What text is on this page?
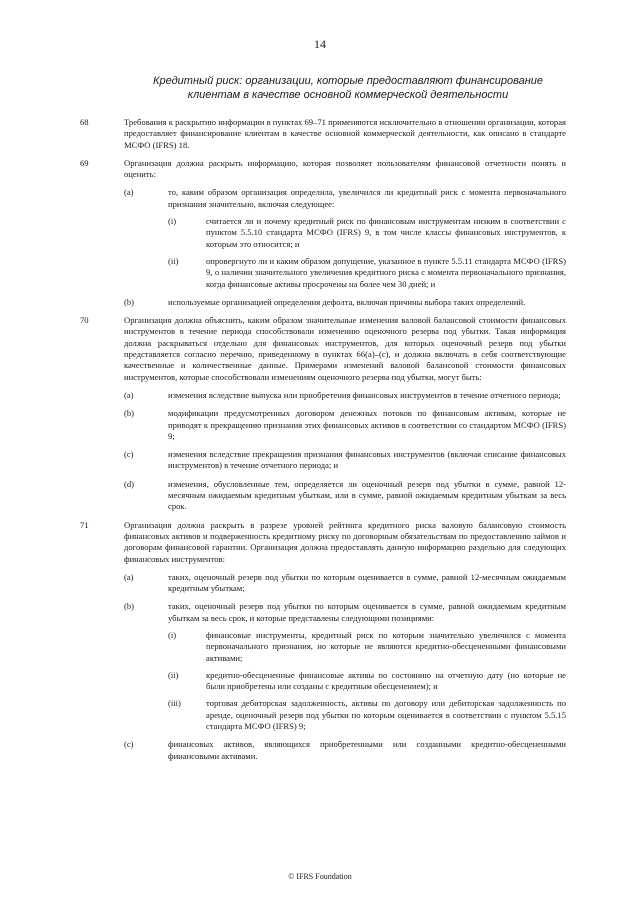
14
Кредитный риск: организации, которые предоставляют финансирование клиентам в качестве основной коммерческой деятельности
68	Требования к раскрытию информации в пунктах 69–71 применяются исключительно в отношении организации, которая предоставляет финансирование клиентам в качестве основной коммерческой деятельности, как описано в стандарте МСФО (IFRS) 18.
69	Организация должна раскрыть информацию, которая позволяет пользователям финансовой отчетности понять и оценить:
(a)	то, каким образом организация определила, увеличился ли кредитный риск с момента первоначального признания значительно, включая следующее:
(i)	считается ли и почему кредитный риск по финансовым инструментам низким в соответствии с пунктом 5.5.10 стандарта МСФО (IFRS) 9, в том числе классы финансовых инструментов, к которым это относится; и
(ii)	опровергнуто ли и каким образом допущение, указанное в пункте 5.5.11 стандарта МСФО (IFRS) 9, о наличии значительного увеличения кредитного риска с момента первоначального признания, когда финансовые активы просрочены на более чем 30 дней; и
(b)	используемые организацией определения дефолта, включая причины выбора таких определений.
70	Организация должна объяснить, каким образом значительные изменения валовой балансовой стоимости финансовых инструментов в течение периода способствовали изменению оценочного резерва под убытки. Такая информация должна раскрываться отдельно для финансовых инструментов, для которых оценочный резерв под убытки представляется согласно перечню, приведенному в пунктах 66(a)–(c), и должна включать в себя соответствующие качественные и количественные данные. Примерами изменений валовой балансовой стоимости финансовых инструментов, которые способствовали изменениям оценочного резерва под убытки, могут быть:
(a)	изменения вследствие выпуска или приобретения финансовых инструментов в течение отчетного периода;
(b)	модификации предусмотренных договором денежных потоков по финансовым активам, которые не приводят к прекращению признания этих финансовых активов в соответствии со стандартом МСФО (IFRS) 9;
(c)	изменения вследствие прекращения признания финансовых инструментов (включая списание финансовых инструментов) в течение отчетного периода; и
(d)	изменения, обусловленные тем, определяется ли оценочный резерв под убытки в сумме, равной 12-месячным ожидаемым кредитным убыткам, или в сумме, равной ожидаемым кредитным убыткам за весь срок.
71	Организация должна раскрыть в разрезе уровней рейтинга кредитного риска валовую балансовую стоимость финансовых активов и подверженность кредитному риску по договорным обязательствам по предоставлению займов и договорам финансовой гарантии. Организация должна предоставлять данную информацию раздельно для следующих финансовых инструментов:
(a)	таких, оценочный резерв под убытки по которым оценивается в сумме, равной 12-месячным ожидаемым кредитным убыткам;
(b)	таких, оценочный резерв под убытки по которым оценивается в сумме, равной ожидаемым кредитным убыткам за весь срок, и которые представлены следующими позициями:
(i)	финансовые инструменты, кредитный риск по которым значительно увеличился с момента первоначального признания, но которые не являются кредитно-обесцененными финансовыми активами;
(ii)	кредитно-обесцененные финансовые активы по состоянию на отчетную дату (но которые не были приобретены или созданы с кредитным обесценением); и
(iii)	торговая дебиторская задолженность, активы по договору или дебиторская задолженность по аренде, оценочный резерв под убытки по которым оценивается в соответствии с пунктом 5.5.15 стандарта МСФО (IFRS) 9;
(c)	финансовых активов, являющихся приобретенными или созданными кредитно-обесцененными финансовыми активами.
© IFRS Foundation
